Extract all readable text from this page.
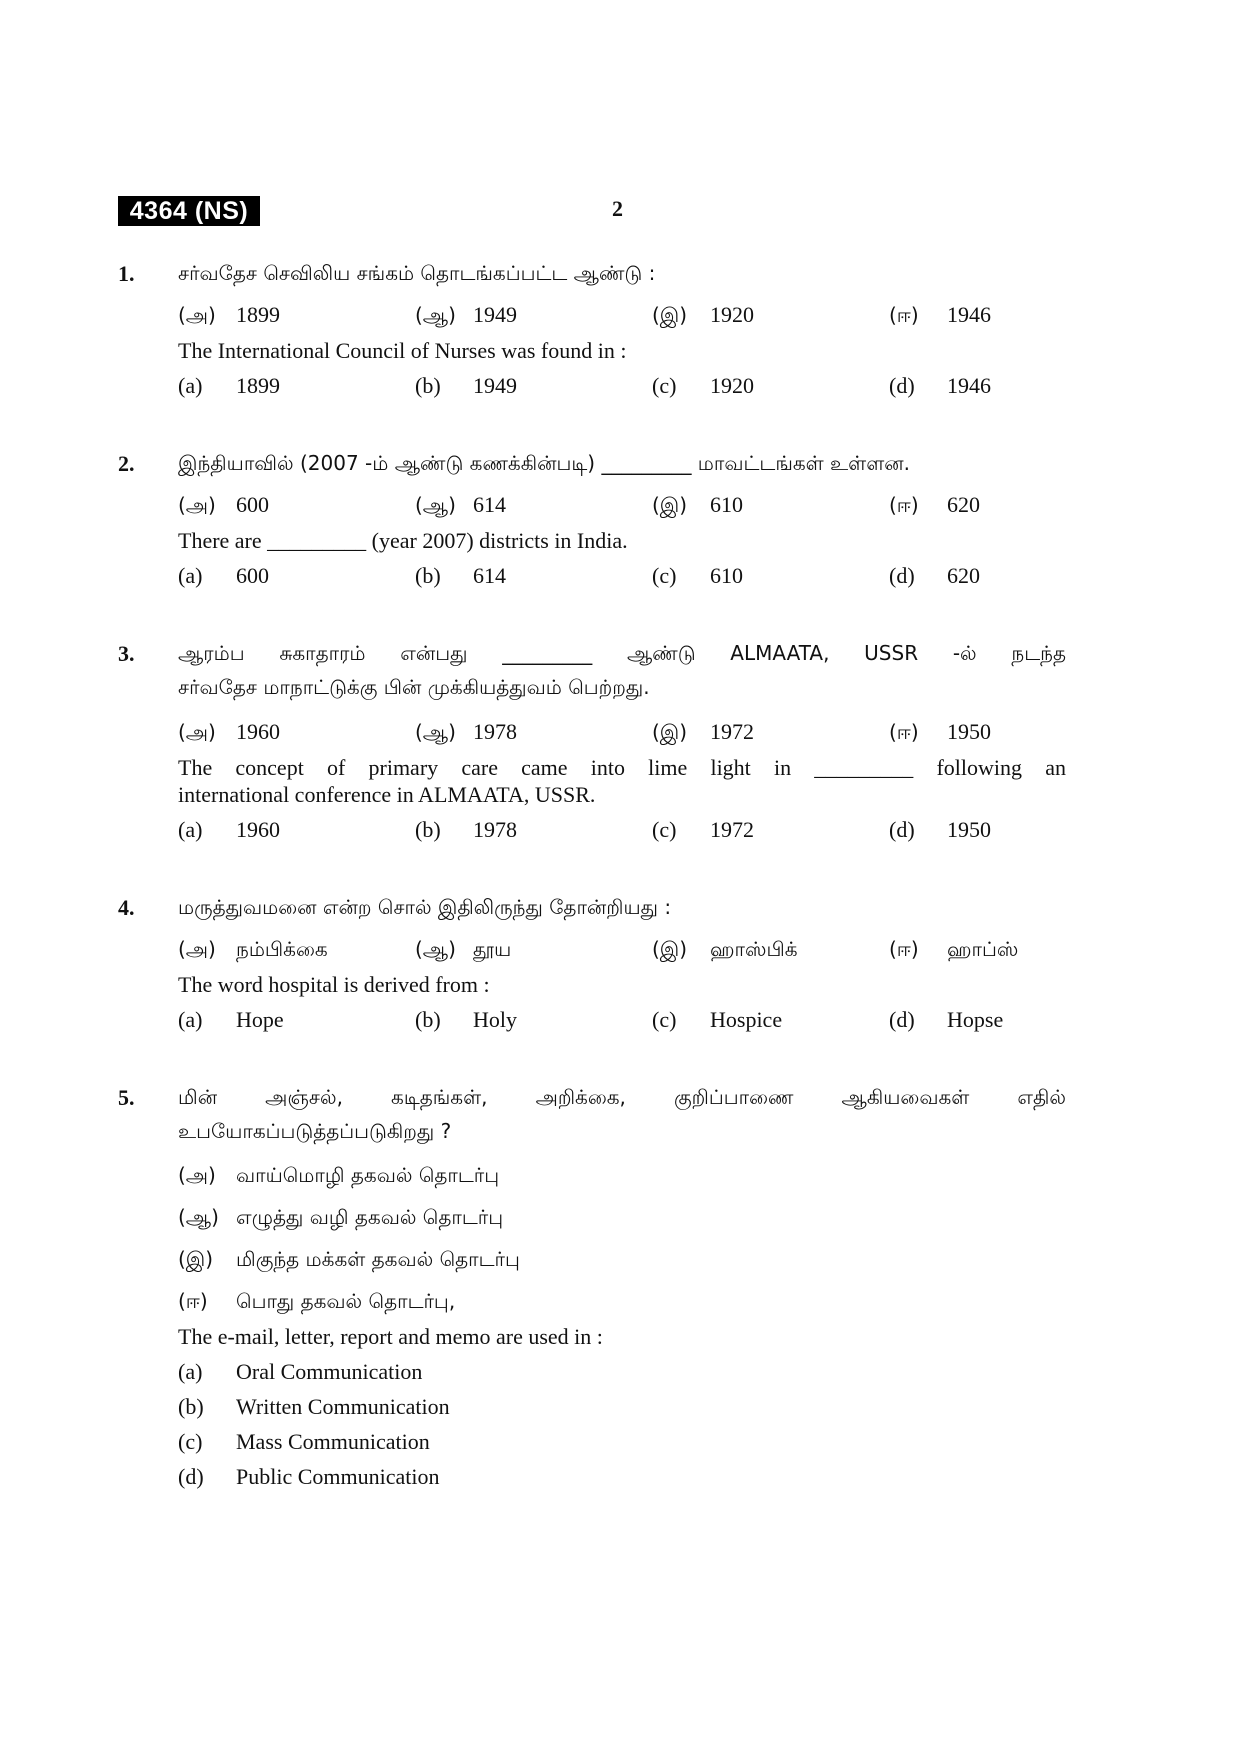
4364 (NS)	2
1. சர்வதேச செவிலிய சங்கம் தொடங்கப்பட்ட ஆண்டு :
(அ) 1899	(ஆ) 1949	(இ) 1920	(ஈ) 1946
The International Council of Nurses was found in :
(a) 1899	(b) 1949	(c) 1920	(d) 1946
2. இந்தியாவில் (2007 -ம் ஆண்டு கணக்கின்படி) _________ மாவட்டங்கள் உள்ளன.
(அ) 600	(ஆ) 614	(இ) 610	(ஈ) 620
There are _________ (year 2007) districts in India.
(a) 600	(b) 614	(c) 610	(d) 620
3. ஆரம்ப சுகாதாரம் என்பது _________ ஆண்டு ALMAATA, USSR -ல் நடந்த
சர்வதேச மாநாட்டுக்கு பின் முக்கியத்துவம் பெற்றது.
(அ) 1960	(ஆ) 1978	(இ) 1972	(ஈ) 1950
The concept of primary care came into lime light in _________ following an
international conference in ALMAATA, USSR.
(a) 1960	(b) 1978	(c) 1972	(d) 1950
4. மருத்துவமனை என்ற சொல் இதிலிருந்து தோன்றியது :
(அ) நம்பிக்கை	(ஆ) தூய	(இ) ஹாஸ்பிக்	(ஈ) ஹாப்ஸ்
The word hospital is derived from :
(a) Hope	(b) Holy	(c) Hospice	(d) Hopse
5. மின் அஞ்சல், கடிதங்கள், அறிக்கை, குறிப்பாணை ஆகியவைகள் எதில்
உபயோகப்படுத்தப்படுகிறது ?
(அ) வாய்மொழி தகவல் தொடர்பு
(ஆ) எழுத்து வழி தகவல் தொடர்பு
(இ) மிகுந்த மக்கள் தகவல் தொடர்பு
(ஈ) பொது தகவல் தொடர்பு,
The e-mail, letter, report and memo are used in :
(a) Oral Communication
(b) Written Communication
(c) Mass Communication
(d) Public Communication
